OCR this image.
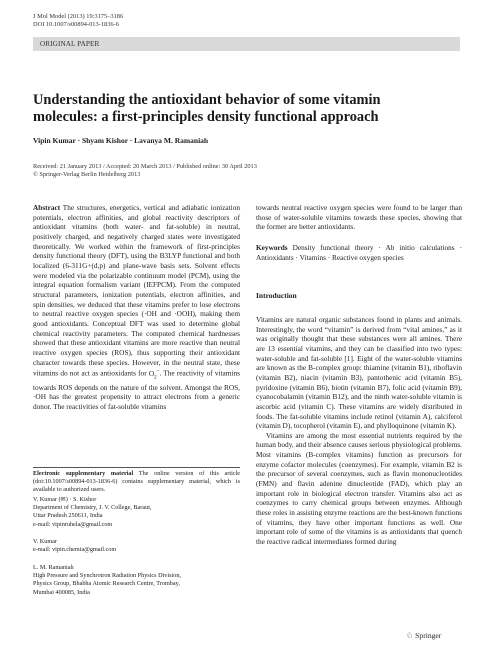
J Mol Model (2013) 19:3175–3186
DOI 10.1007/s00894-013-1836-6
ORIGINAL PAPER
Understanding the antioxidant behavior of some vitamin
molecules: a first-principles density functional approach
Vipin Kumar · Shyam Kishor · Lavanya M. Ramaniah
Received: 21 January 2013 / Accepted: 20 March 2013 / Published online: 30 April 2013
© Springer-Verlag Berlin Heidelberg 2013

Abstract The structures, energetics, vertical and adiabatic ionization potentials, electron affinities, and global reactivity descriptors of antioxidant vitamins (both water- and fat-soluble) in neutral, positively charged, and negatively charged states were investigated theoretically. We worked within the framework of first-principles density functional theory (DFT), using the B3LYP functional and both localized (6-311G+(d,p) and plane-wave basis sets. Solvent effects were modeled via the polarizable continuum model (PCM), using the integral equation formalism variant (IEFPCM). From the computed structural parameters, ionization potentials, electron affinities, and spin densities, we deduced that these vitamins prefer to lose electrons to neutral reactive oxygen species (·OH and ·OOH), making them good antioxidants. Conceptual DFT was used to determine global chemical reactivity parameters. The computed chemical hardnesses showed that these antioxidant vitamins are more reactive than neutral reactive oxygen species (ROS), thus supporting their antioxidant character towards these species. However, in the neutral state, these vitamins do not act as antioxidants for $O_2^-$. The reactivity of vitamins towards ROS depends on the nature of the solvent. Amongst the ROS, ·OH has the greatest propensity to attract electrons from a generic donor. The reactivities of fat-soluble vitamins

Electronic supplementary material The online version of this article (doi:10.1007/s00894-013-1836-6) contains supplementary material, which is available to authorized users.
V. Kumar (✉) · S. Kishor
Department of Chemistry, J. V. College, Baraut,
Uttar Pradesh 250611, India
e-mail: vipinruhela@gmail.com
V. Kumar
e-mail: vipin.chemia@gmail.com
L. M. Ramaniah
High Pressure and Synchrotron Radiation Physics Division,
Physics Group, Bhabha Atomic Research Centre, Trombay,
Mumbai 400085, India

towards neutral reactive oxygen species were found to be larger than those of water-soluble vitamins towards these species, showing that the former are better antioxidants.

Keywords Density functional theory · Ab initio calculations · Antioxidants · Vitamins · Reactive oxygen species

Introduction

Vitamins are natural organic substances found in plants and animals. Interestingly, the word “vitamin” is derived from “vital amines,” as it was originally thought that these substances were all amines. There are 13 essential vitamins, and they can be classified into two types: water-soluble and fat-soluble [1]. Eight of the water-soluble vitamins are known as the B-complex group: thiamine (vitamin B1), riboflavin (vitamin B2), niacin (vitamin B3), pantothenic acid (vitamin B5), pyridoxine (vitamin B6), biotin (vitamin B7), folic acid (vitamin B9), cyanocobalamin (vitamin B12), and the ninth water-soluble vitamin is ascorbic acid (vitamin C). These vitamins are widely distributed in foods. The fat-soluble vitamins include retinol (vitamin A), calciferol (vitamin D), tocopherol (vitamin E), and phylloquinone (vitamin K).

Vitamins are among the most essential nutrients required by the human body, and their absence causes serious physiological problems. Most vitamins (B-complex vitamins) function as precursors for enzyme cofactor molecules (coenzymes). For example, vitamin B2 is the precursor of several coenzymes, such as flavin mononucleotides (FMN) and flavin adenine dinucleotide (FAD), which play an important role in biological electron transfer. Vitamins also act as coenzymes to carry chemical groups between enzymes. Although these roles in assisting enzyme reactions are the best-known functions of vitamins, they have other important functions as well. One important role of some of the vitamins is as antioxidants that quench the reactive radical intermediates formed during

♘ Springer
